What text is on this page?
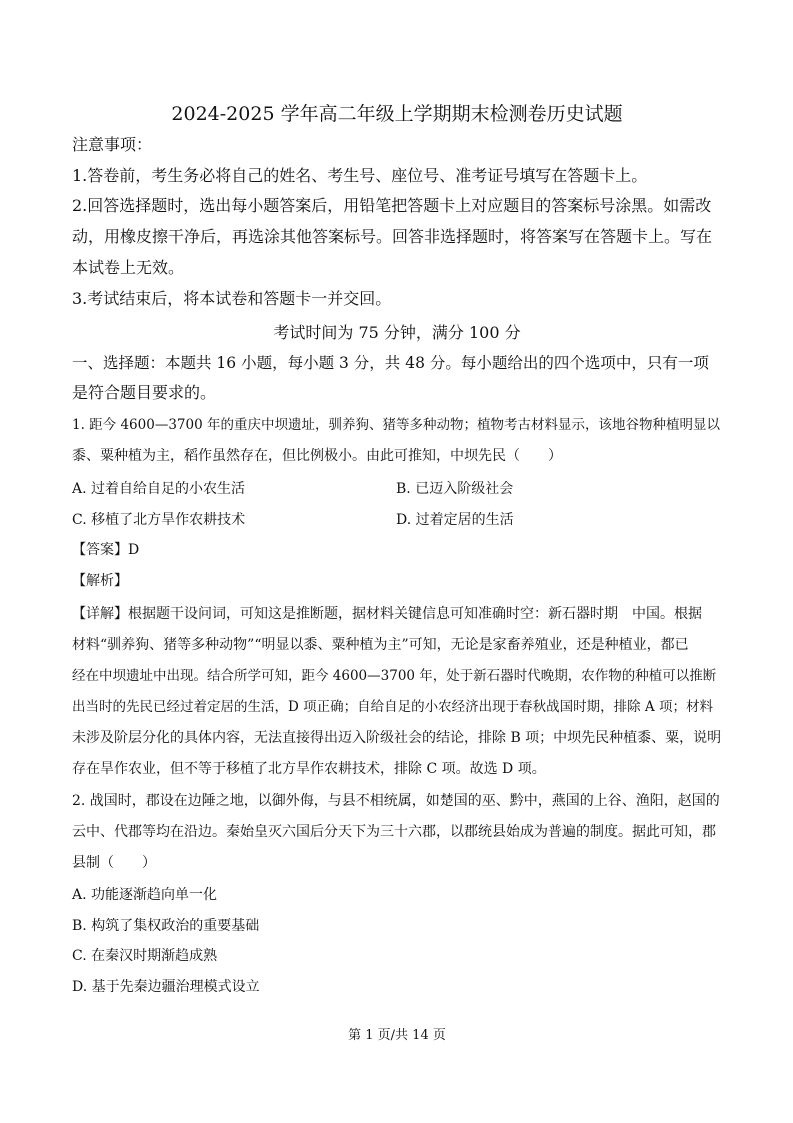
2024-2025 学年高二年级上学期期末检测卷历史试题
注意事项：
1.答卷前，考生务必将自己的姓名、考生号、座位号、准考证号填写在答题卡上。
2.回答选择题时，选出每小题答案后，用铅笔把答题卡上对应题目的答案标号涂黑。如需改
动，用橡皮擦干净后，再选涂其他答案标号。回答非选择题时，将答案写在答题卡上。写在
本试卷上无效。
3.考试结束后，将本试卷和答题卡一并交回。
考试时间为 75 分钟，满分 100 分
一、选择题：本题共 16 小题，每小题 3 分，共 48 分。每小题给出的四个选项中，只有一项
是符合题目要求的。
1. 距今 4600—3700 年的重庆中坝遗址，驯养狗、猪等多种动物；植物考古材料显示，该地谷物种植明显以
黍、粟种植为主，稻作虽然存在，但比例极小。由此可推知，中坝先民（　　）
A. 过着自给自足的小农生活	B. 已迈入阶级社会
C. 移植了北方旱作农耕技术	D. 过着定居的生活
【答案】D
【解析】
【详解】根据题干设问词，可知这是推断题，据材料关键信息可知准确时空：新石器时期　中国。根据
材料“驯养狗、猪等多种动物”“明显以黍、粟种植为主”可知，无论是家畜养殖业，还是种植业，都已
经在中坝遗址中出现。结合所学可知，距今 4600—3700 年，处于新石器时代晚期，农作物的种植可以推断
出当时的先民已经过着定居的生活，D 项正确；自给自足的小农经济出现于春秋战国时期，排除 A 项；材料
未涉及阶层分化的具体内容，无法直接得出迈入阶级社会的结论，排除 B 项；中坝先民种植黍、粟，说明
存在旱作农业，但不等于移植了北方旱作农耕技术，排除 C 项。故选 D 项。
2. 战国时，郡设在边陲之地，以御外侮，与县不相统属，如楚国的巫、黔中，燕国的上谷、渔阳，赵国的
云中、代郡等均在沿边。秦始皇灭六国后分天下为三十六郡，以郡统县始成为普遍的制度。据此可知，郡
县制（　　）
A. 功能逐渐趋向单一化
B. 构筑了集权政治的重要基础
C. 在秦汉时期渐趋成熟
D. 基于先秦边疆治理模式设立
第 1 页/共 14 页
